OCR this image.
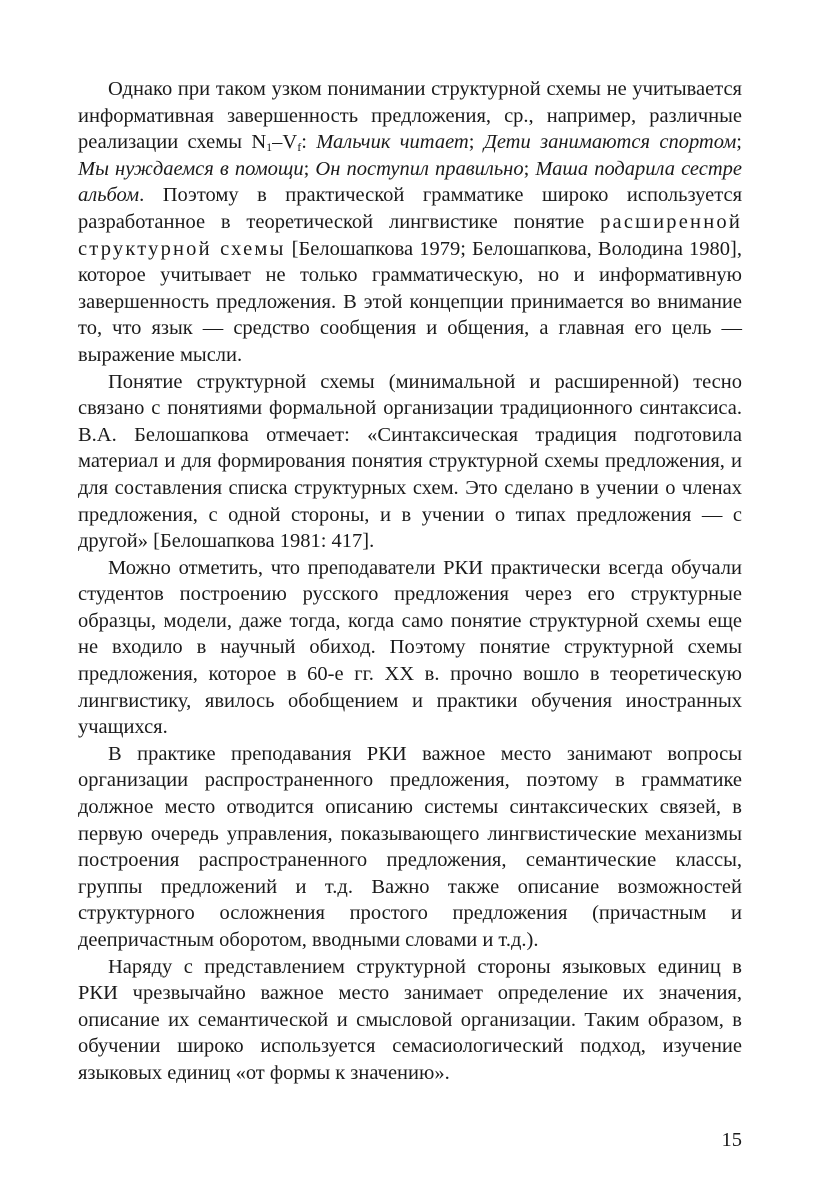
Однако при таком узком понимании структурной схемы не учитывается информативная завершенность предложения, ср., например, различные реализации схемы $N_1-V_f$: Мальчик читает; Дети занимаются спортом; Мы нуждаемся в помощи; Он поступил правильно; Маша подарила сестре альбом. Поэтому в практической грамматике широко используется разработанное в теоретической лингвистике понятие расширенной структурной схемы [Белошапкова 1979; Белошапкова, Володина 1980], которое учитывает не только грамматическую, но и информативную завершенность предложения. В этой концепции принимается во внимание то, что язык — средство сообщения и общения, а главная его цель — выражение мысли.

Понятие структурной схемы (минимальной и расширенной) тесно связано с понятиями формальной организации традиционного синтаксиса. В.А. Белошапкова отмечает: «Синтаксическая традиция подготовила материал и для формирования понятия структурной схемы предложения, и для составления списка структурных схем. Это сделано в учении о членах предложения, с одной стороны, и в учении о типах предложения — с другой» [Белошапкова 1981: 417].

Можно отметить, что преподаватели РКИ практически всегда обучали студентов построению русского предложения через его структурные образцы, модели, даже тогда, когда само понятие структурной схемы еще не входило в научный обиход. Поэтому понятие структурной схемы предложения, которое в 60-е гг. XX в. прочно вошло в теоретическую лингвистику, явилось обобщением и практики обучения иностранных учащихся.

В практике преподавания РКИ важное место занимают вопросы организации распространенного предложения, поэтому в грамматике должное место отводится описанию системы синтаксических связей, в первую очередь управления, показывающего лингвистические механизмы построения распространенного предложения, семантические классы, группы предложений и т.д. Важно также описание возможностей структурного осложнения простого предложения (причастным и деепричастным оборотом, вводными словами и т.д.).

Наряду с представлением структурной стороны языковых единиц в РКИ чрезвычайно важное место занимает определение их значения, описание их семантической и смысловой организации. Таким образом, в обучении широко используется семасиологический подход, изучение языковых единиц «от формы к значению».

15
